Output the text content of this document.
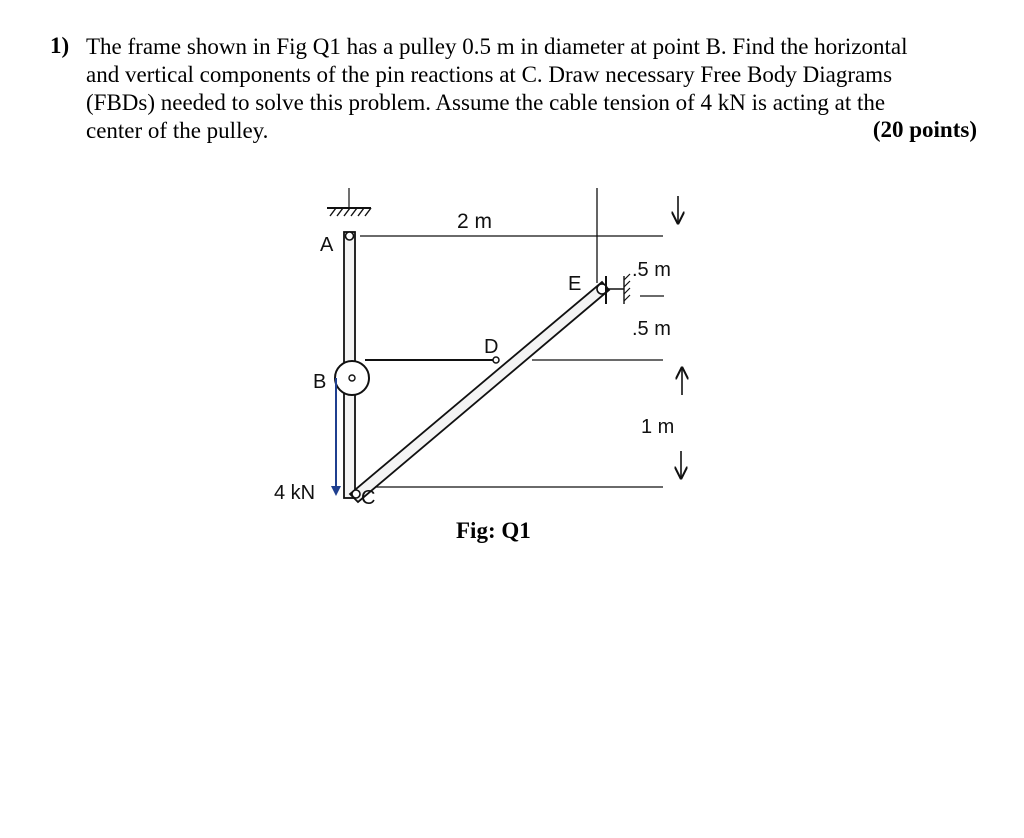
1) The frame shown in Fig Q1 has a pulley 0.5 m in diameter at point B. Find the horizontal
and vertical components of the pin reactions at C. Draw necessary Free Body Diagrams
(FBDs) needed to solve this problem. Assume the cable tension of 4 kN is acting at the
center of the pulley.	(20 points)
A
B
C
D
E
2 m
.5 m
.5 m
1 m
4 kN
Fig: Q1
